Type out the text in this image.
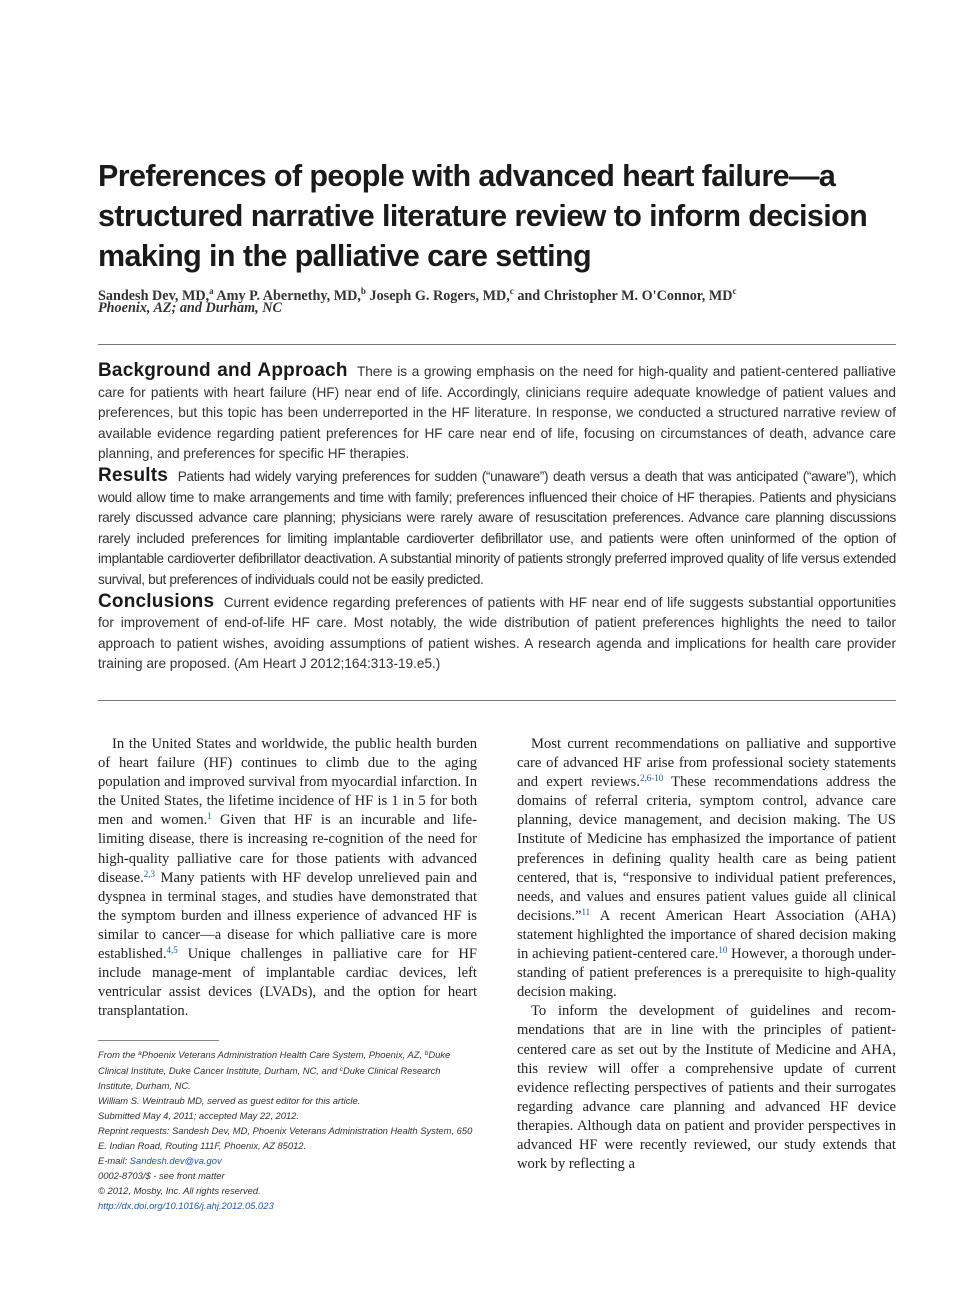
Preferences of people with advanced heart failure—a structured narrative literature review to inform decision making in the palliative care setting
Sandesh Dev, MD,$^a$ Amy P. Abernethy, MD,$^b$ Joseph G. Rogers, MD,$^c$ and Christopher M. O'Connor, $MD^c$
Phoenix, AZ; and Durham, NC

Background and Approach There is a growing emphasis on the need for high-quality and patient-centered palliative care for patients with heart failure (HF) near end of life. Accordingly, clinicians require adequate knowledge of patient values and preferences, but this topic has been underreported in the HF literature. In response, we conducted a structured narrative review of available evidence regarding patient preferences for HF care near end of life, focusing on circumstances of death, advance care planning, and preferences for specific HF therapies.

Results Patients had widely varying preferences for sudden (“unaware”) death versus a death that was anticipated (“aware”), which would allow time to make arrangements and time with family; preferences influenced their choice of HF therapies. Patients and physicians rarely discussed advance care planning; physicians were rarely aware of resuscitation preferences. Advance care planning discussions rarely included preferences for limiting implantable cardioverter defibrillator use, and patients were often uninformed of the option of implantable cardioverter defibrillator deactivation. A substantial minority of patients strongly preferred improved quality of life versus extended survival, but preferences of individuals could not be easily predicted.

Conclusions Current evidence regarding preferences of patients with HF near end of life suggests substantial opportunities for improvement of end-of-life HF care. Most notably, the wide distribution of patient preferences highlights the need to tailor approach to patient wishes, avoiding assumptions of patient wishes. A research agenda and implications for health care provider training are proposed. (Am Heart J 2012;164:313-19.e5.)

In the United States and worldwide, the public health burden of heart failure (HF) continues to climb due to the aging population and improved survival from myocardial infarction. In the United States, the lifetime incidence of HF is 1 in 5 for both men and women.$^1$ Given that HF is an incurable and life-limiting disease, there is increasing re-cognition of the need for high-quality palliative care for those patients with advanced disease.$^{2,3}$ Many patients with HF develop unrelieved pain and dyspnea in terminal stages, and studies have demonstrated that the symptom burden and illness experience of advanced HF is similar to cancer—a disease for which palliative care is more established.$^{4,5}$ Unique challenges in palliative care for HF include manage-ment of implantable cardiac devices, left ventricular assist devices (LVADs), and the option for heart transplantation.

Most current recommendations on palliative and supportive care of advanced HF arise from professional society statements and expert reviews.$^{2,6-10}$ These recommendations address the domains of referral criteria, symptom control, advance care planning, device management, and decision making. The US Institute of Medicine has emphasized the importance of patient preferences in defining quality health care as being patient centered, that is, “responsive to individual patient preferences, needs, and values and ensures patient values guide all clinical decisions.”$^{11}$ A recent American Heart Association (AHA) statement highlighted the importance of shared decision making in achieving patient-centered care.$^{10}$ However, a thorough under-standing of patient preferences is a prerequisite to high-quality decision making.

To inform the development of guidelines and recom-mendations that are in line with the principles of patient-centered care as set out by the Institute of Medicine and AHA, this review will offer a comprehensive update of current evidence reflecting perspectives of patients and their surrogates regarding advance care planning and advanced HF device therapies. Although data on patient and provider perspectives in advanced HF were recently reviewed, our study extends that work by reflecting a

From the $^a$Phoenix Veterans Administration Health Care System, Phoenix, AZ, $^b$Duke Clinical Institute, Duke Cancer Institute, Durham, NC, and $^c$Duke Clinical Research Institute, Durham, NC.
William S. Weintraub MD, served as guest editor for this article.
Submitted May 4, 2011; accepted May 22, 2012.
Reprint requests: Sandesh Dev, MD, Phoenix Veterans Administration Health System, 650 E. Indian Road, Routing 111F, Phoenix, AZ 85012.
E-mail: Sandesh.dev@va.gov
0002-8703/$ - see front matter
© 2012, Mosby, Inc. All rights reserved.
http://dx.doi.org/10.1016/j.ahj.2012.05.023
